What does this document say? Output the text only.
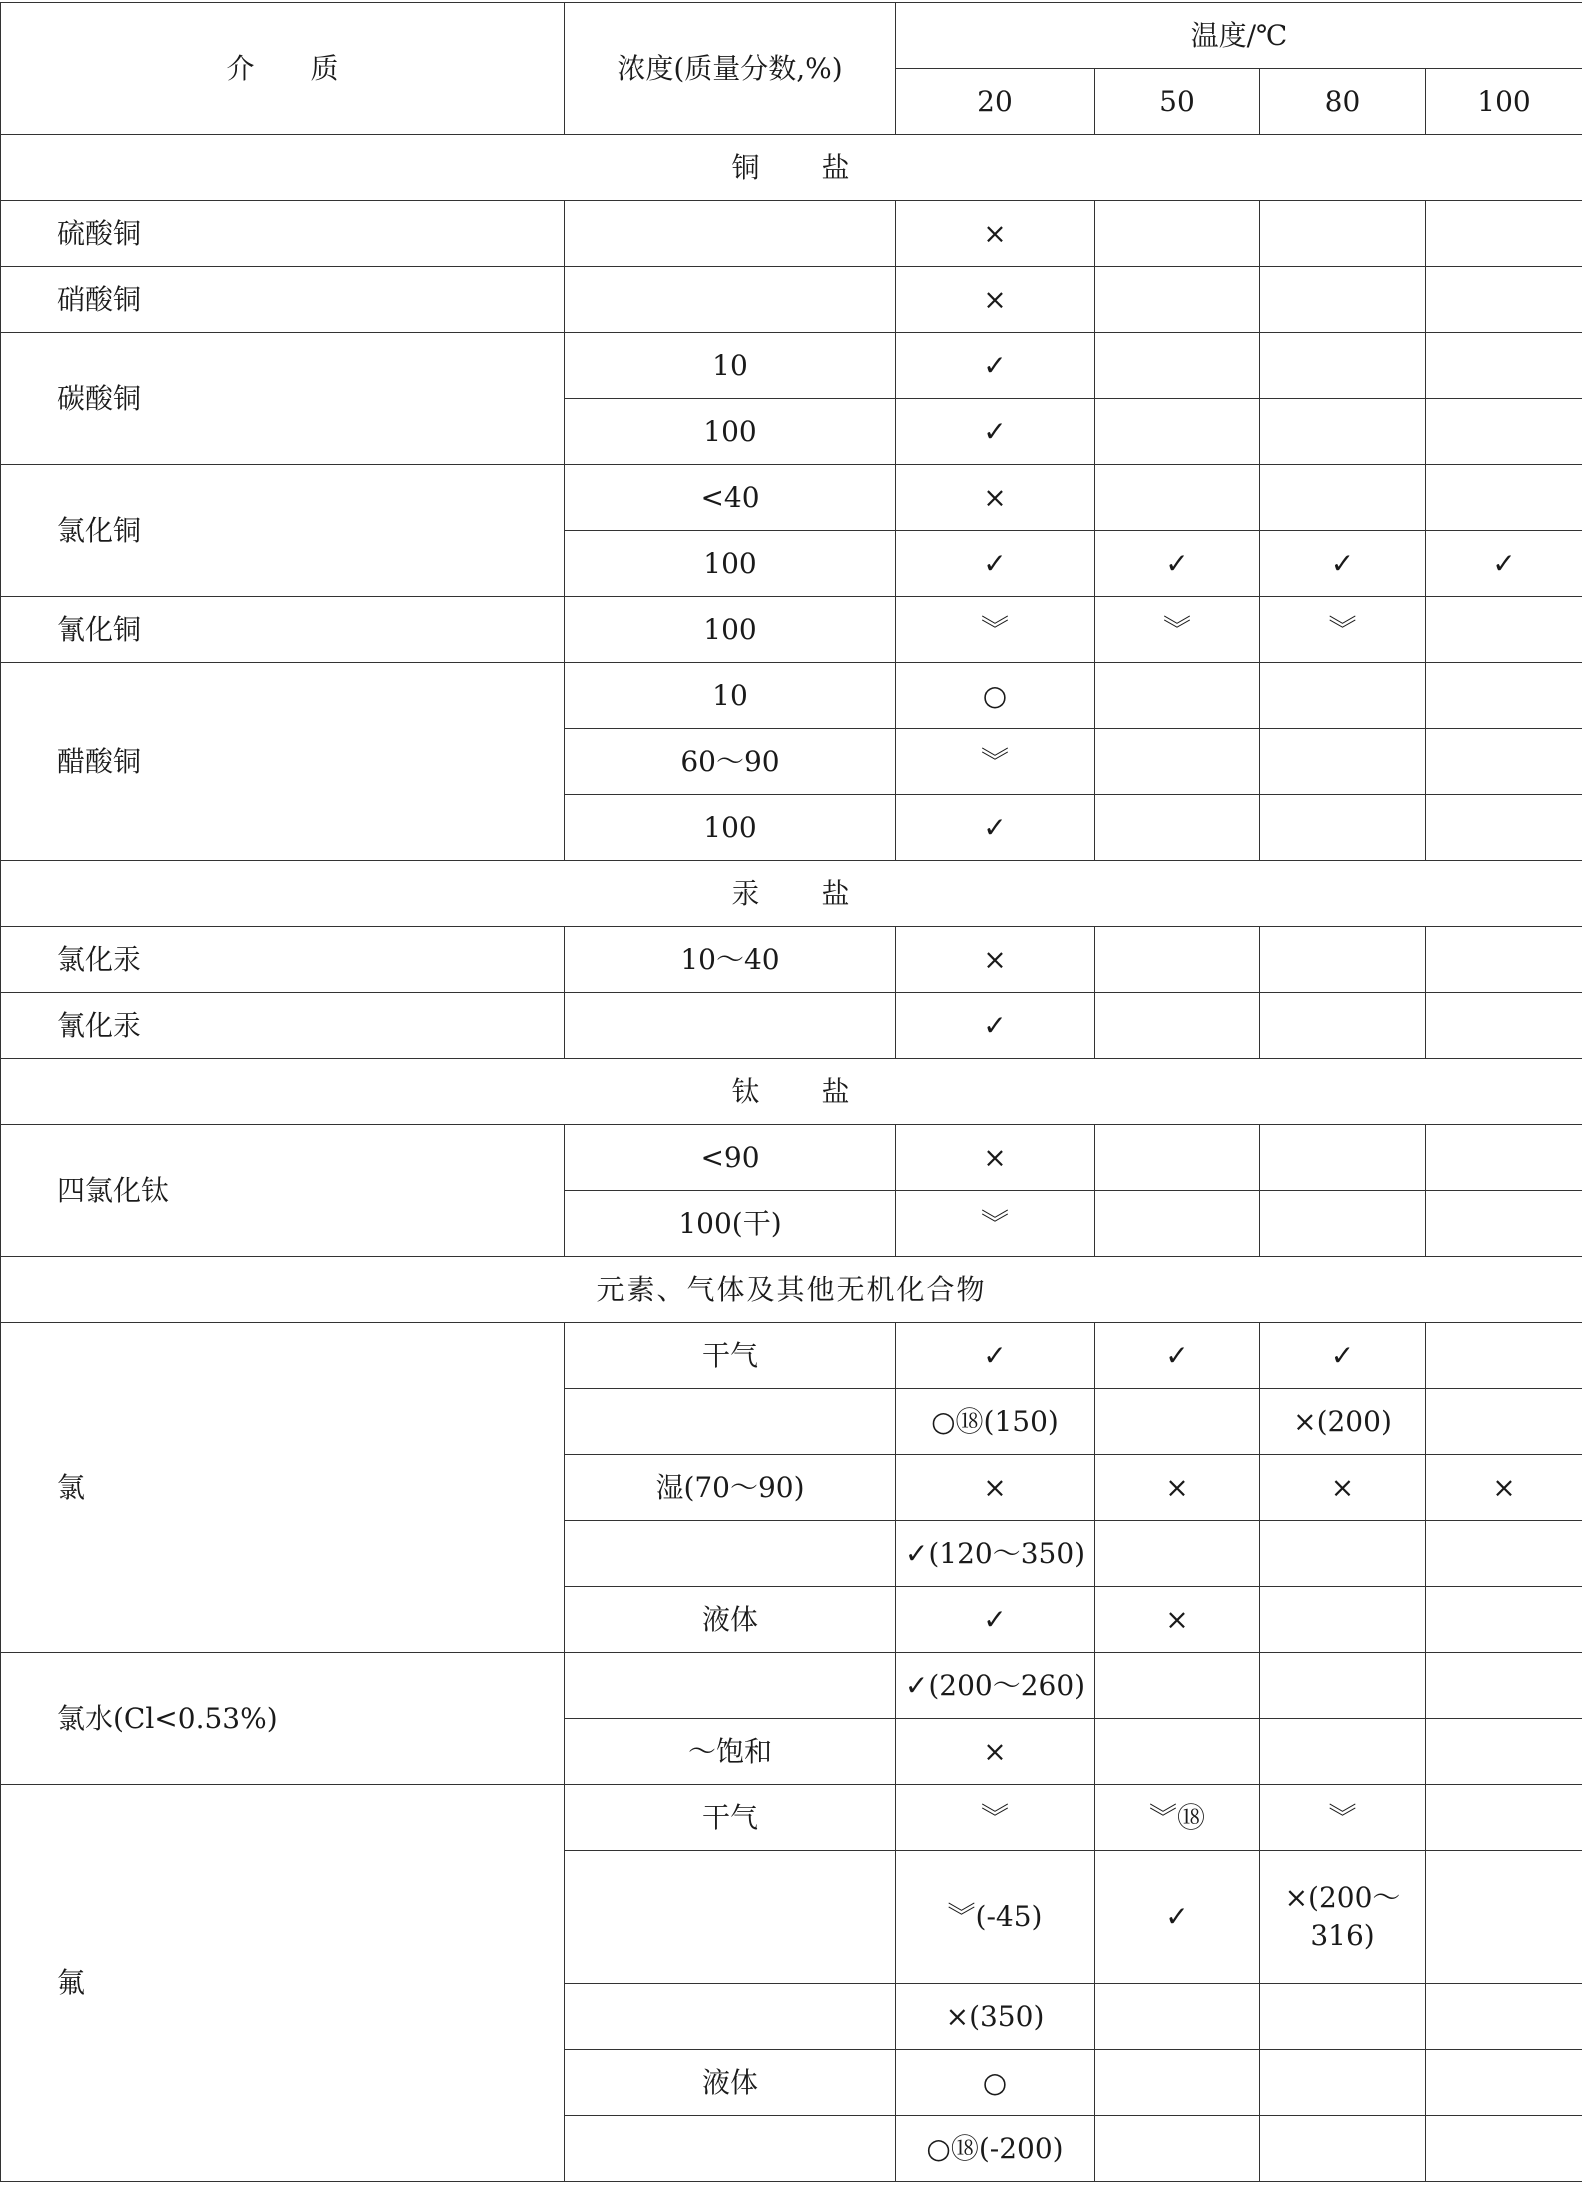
介　　质	浓度(质量分数,%)	温度/℃			
		20	50	80	100
铜　　盐					
硫酸铜		×			
硝酸铜		×			
碳酸铜	10	✓			
	100	✓			
氯化铜	<40	×			
	100	✓	✓	✓	✓
氰化铜	100	︾	︾	︾	
醋酸铜	10	○			
	60～90	︾			
	100	✓			
汞　　盐					
氯化汞	10～40	×			
氰化汞		✓			
钛　　盐					
四氯化钛	<90	×			
	100(干)	︾			
元素、气体及其他无机化合物					
氯	干气	✓	✓	✓	
		○⑱(150)		×(200)	
	湿(70～90)	×	×	×	×
		✓(120～350)			
	液体	✓	×		
氯水(Cl<0.53%)		✓(200～260)			
	～饱和	×			
氟	干气	︾	︾⑱	︾	
		︾(-45)	✓	×(200～
316)	
		×(350)			
	液体	○			
		○⑱(-200)			
